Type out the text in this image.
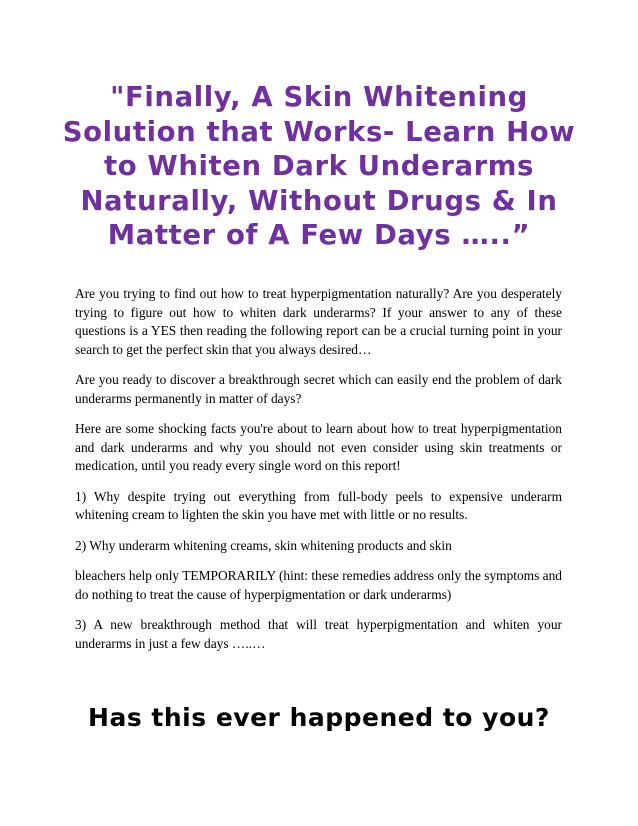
"Finally, A Skin Whitening Solution that Works- Learn How to Whiten Dark Underarms Naturally, Without Drugs & In Matter of A Few Days …..”

Are you trying to find out how to treat hyperpigmentation naturally? Are you desperately trying to figure out how to whiten dark underarms? If your answer to any of these questions is a YES then reading the following report can be a crucial turning point in your search to get the perfect skin that you always desired…

Are you ready to discover a breakthrough secret which can easily end the problem of dark underarms permanently in matter of days?

Here are some shocking facts you're about to learn about how to treat hyperpigmentation and dark underarms and why you should not even consider using skin treatments or medication, until you ready every single word on this report!

1) Why despite trying out everything from full-body peels to expensive underarm whitening cream to lighten the skin you have met with little or no results.

2) Why underarm whitening creams, skin whitening products and skin

bleachers help only TEMPORARILY (hint: these remedies address only the symptoms and do nothing to treat the cause of hyperpigmentation or dark underarms)

3) A new breakthrough method that will treat hyperpigmentation and whiten your underarms in just a few days …..…

Has this ever happened to you?
